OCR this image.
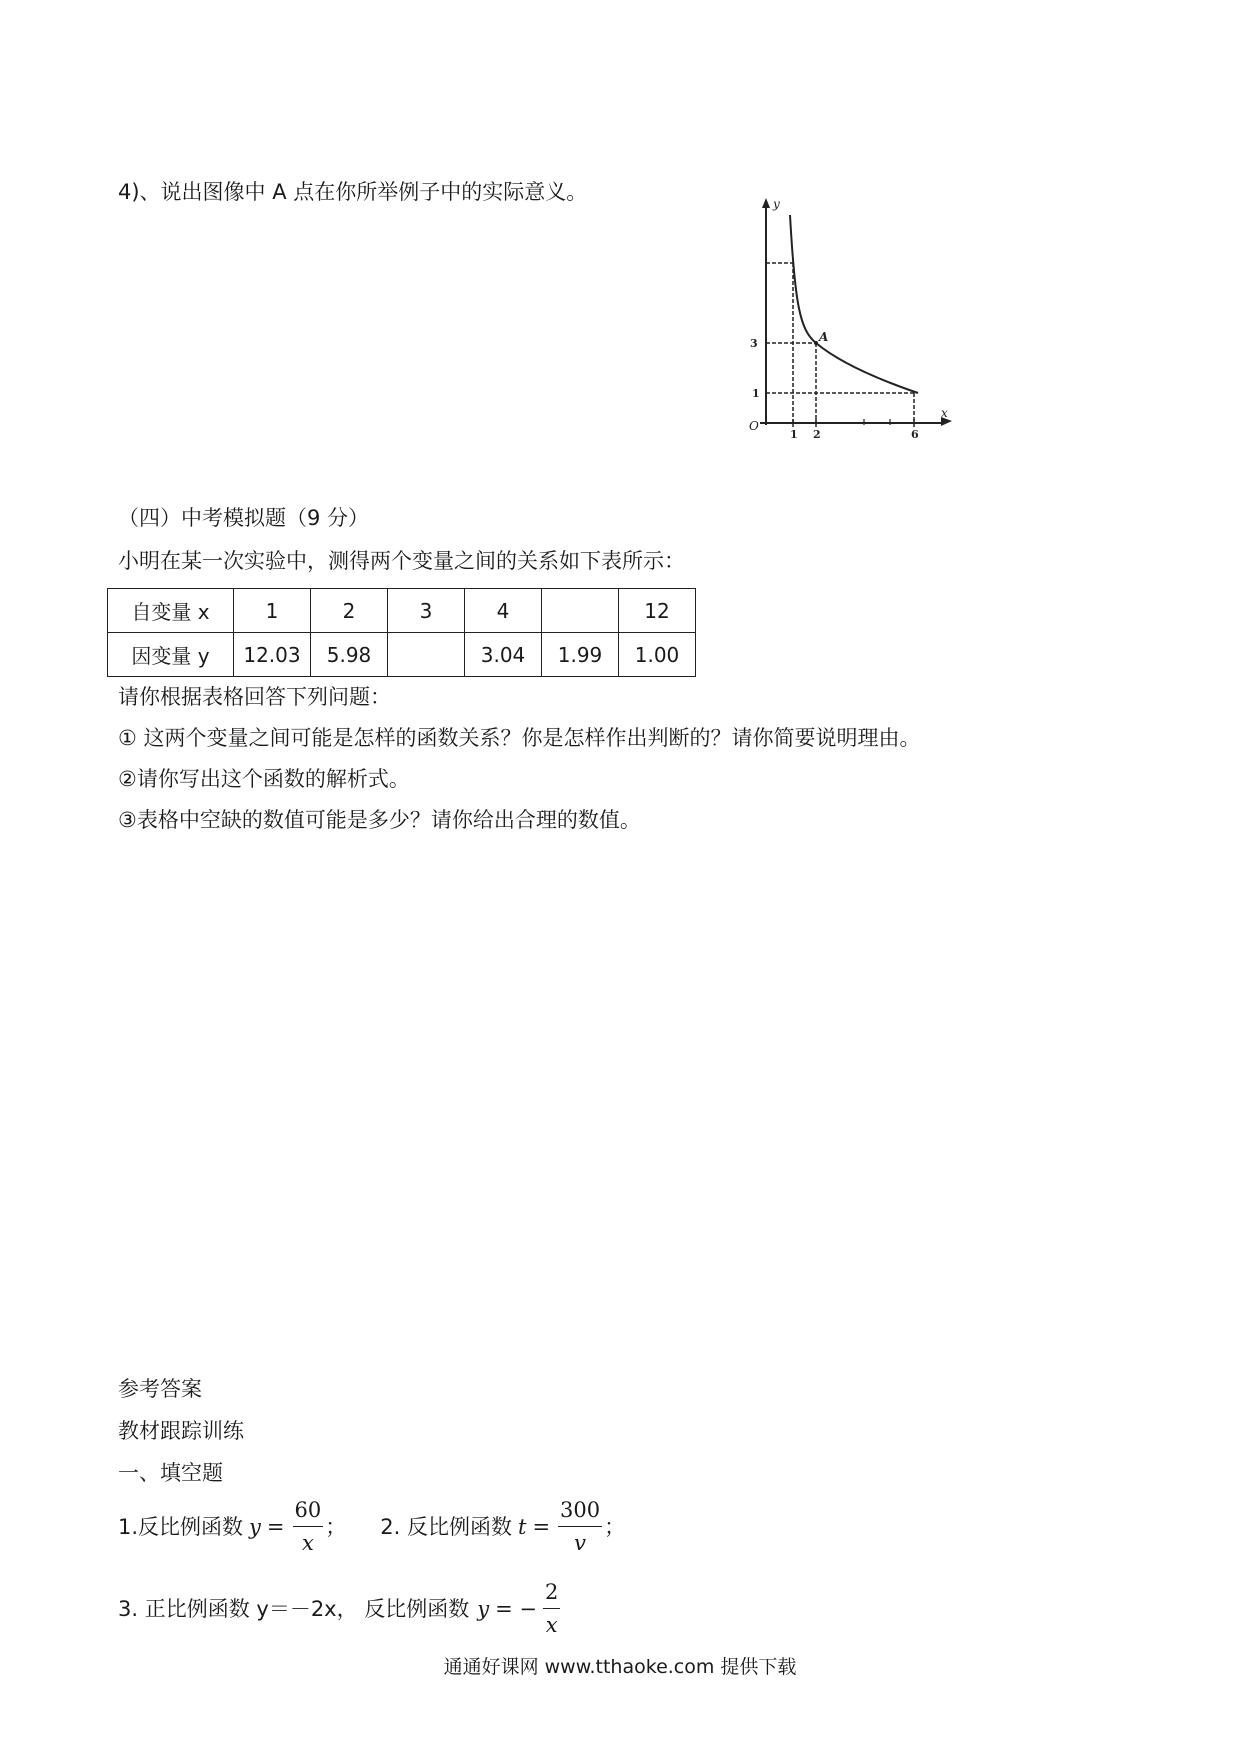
4)、说出图像中 A 点在你所举例子中的实际意义。	y
x
O
A
3
1
1 2	6
（四）中考模拟题（9 分）
小明在某一次实验中，测得两个变量之间的关系如下表所示：
自变量 x	1	2	3	4		12
因变量 y	12.03	5.98		3.04	1.99	1.00
请你根据表格回答下列问题：
① 这两个变量之间可能是怎样的函数关系？你是怎样作出判断的？请你简要说明理由。
②请你写出这个函数的解析式。
③表格中空缺的数值可能是多少？请你给出合理的数值。
参考答案
教材跟踪训练
一、填空题
1.反比例函数 $y = \frac{60}{x}$ ； 2. 反比例函数 $t = \frac{300}{v}$ ；
3. 正比例函数 y＝－2x， 反比例函数 y = − $\frac{2}{x}$
通通好课网 www.tthaoke.com 提供下载
